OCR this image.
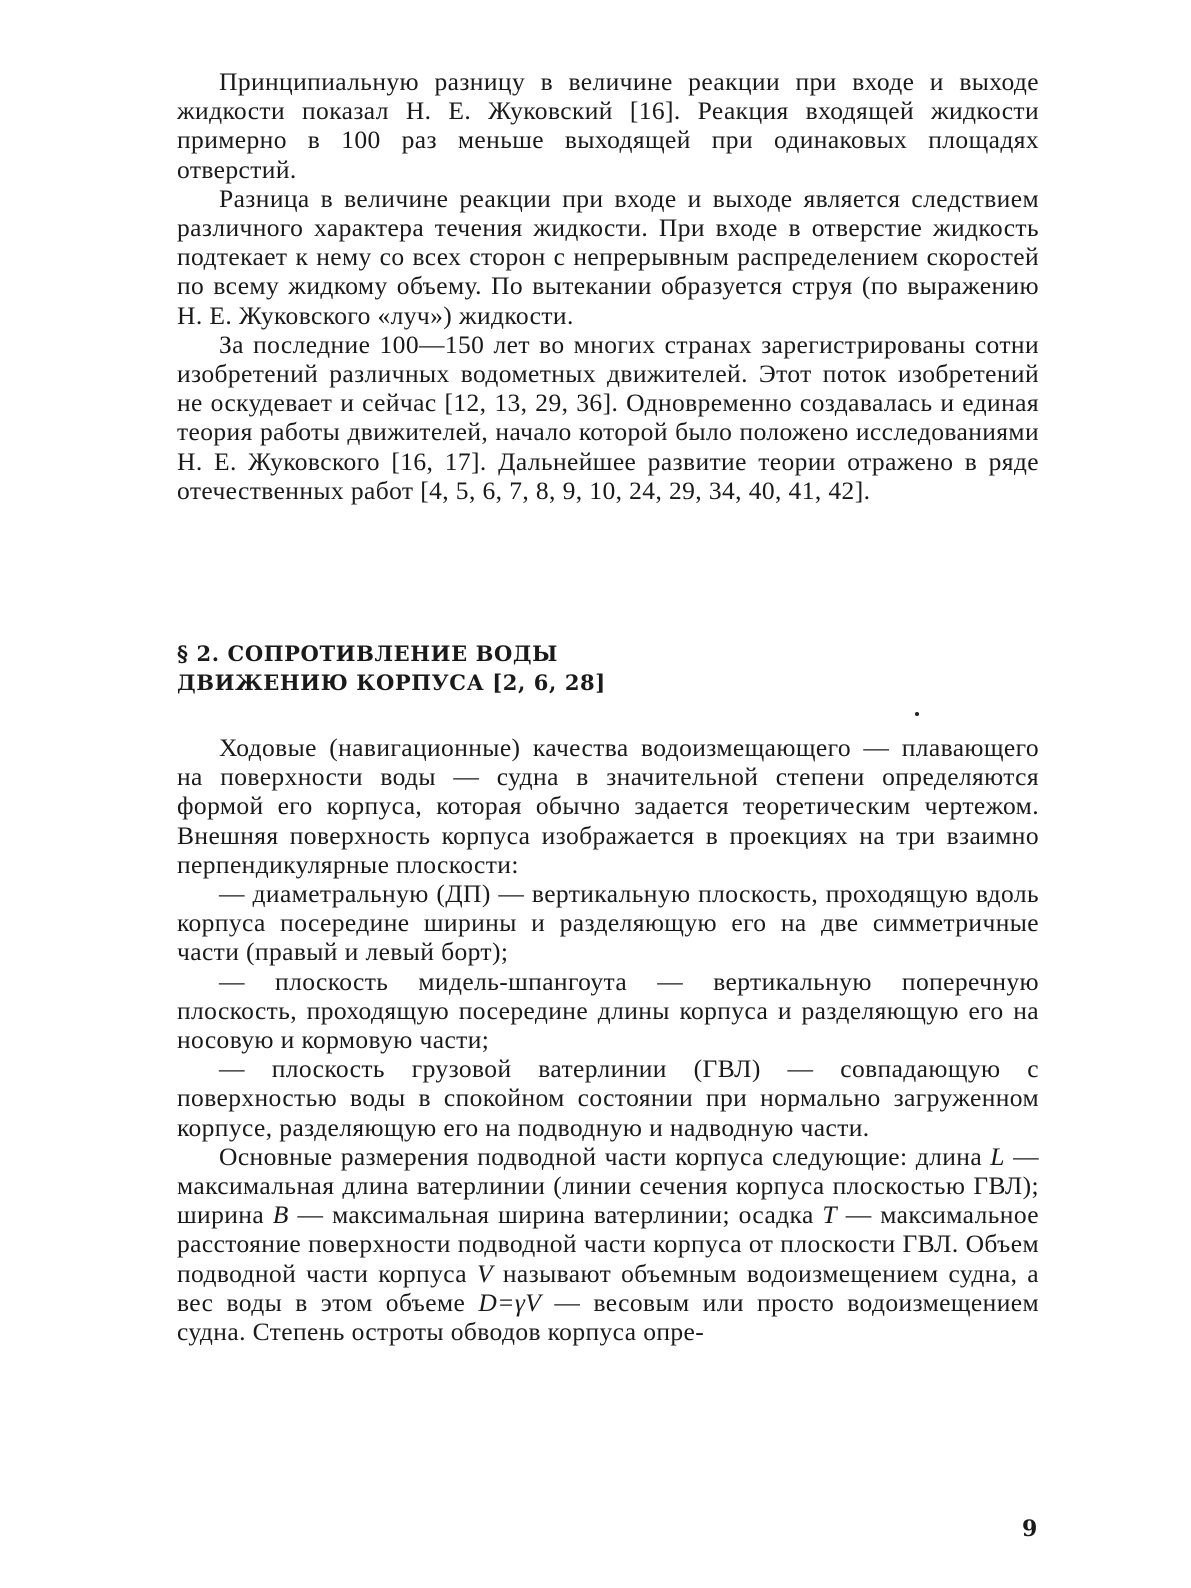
Принципиальную разницу в величине реакции при входе и выходе жидкости показал Н. Е. Жуковский [16]. Реакция входящей жидкости примерно в 100 раз меньше выходящей при одинаковых площадях отверстий.

Разница в величине реакции при входе и выходе является следствием различного характера течения жидкости. При входе в отверстие жидкость подтекает к нему со всех сторон с непрерывным распределением скоростей по всему жидкому объему. По вытекании образуется струя (по выражению Н. Е. Жуковского «луч») жидкости.

За последние 100—150 лет во многих странах зарегистрированы сотни изобретений различных водометных движителей. Этот поток изобретений не оскудевает и сейчас [12, 13, 29, 36]. Одновременно создавалась и единая теория работы движителей, начало которой было положено исследованиями Н. Е. Жуковского [16, 17]. Дальнейшее развитие теории отражено в ряде отечественных работ [4, 5, 6, 7, 8, 9, 10, 24, 29, 34, 40, 41, 42].

§ 2. СОПРОТИВЛЕНИЕ ВОДЫ
ДВИЖЕНИЮ КОРПУСА [2, 6, 28]

Ходовые (навигационные) качества водоизмещающего — плавающего на поверхности воды — судна в значительной степени определяются формой его корпуса, которая обычно задается теоретическим чертежом. Внешняя поверхность корпуса изображается в проекциях на три взаимно перпендикулярные плоскости:

— диаметральную (ДП) — вертикальную плоскость, проходящую вдоль корпуса посередине ширины и разделяющую его на две симметричные части (правый и левый борт);

— плоскость мидель-шпангоута — вертикальную поперечную плоскость, проходящую посередине длины корпуса и разделяющую его на носовую и кормовую части;

— плоскость грузовой ватерлинии (ГВЛ) — совпадающую с поверхностью воды в спокойном состоянии при нормально загруженном корпусе, разделяющую его на подводную и надводную части.

Основные размерения подводной части корпуса следующие: длина L — максимальная длина ватерлинии (линии сечения корпуса плоскостью ГВЛ); ширина B — максимальная ширина ватерлинии; осадка T — максимальное расстояние поверхности подводной части корпуса от плоскости ГВЛ. Объем подводной части корпуса V называют объемным водоизмещением судна, а вес воды в этом объеме D=γV — весовым или просто водоизмещением судна. Степень остроты обводов корпуса опре-

9
